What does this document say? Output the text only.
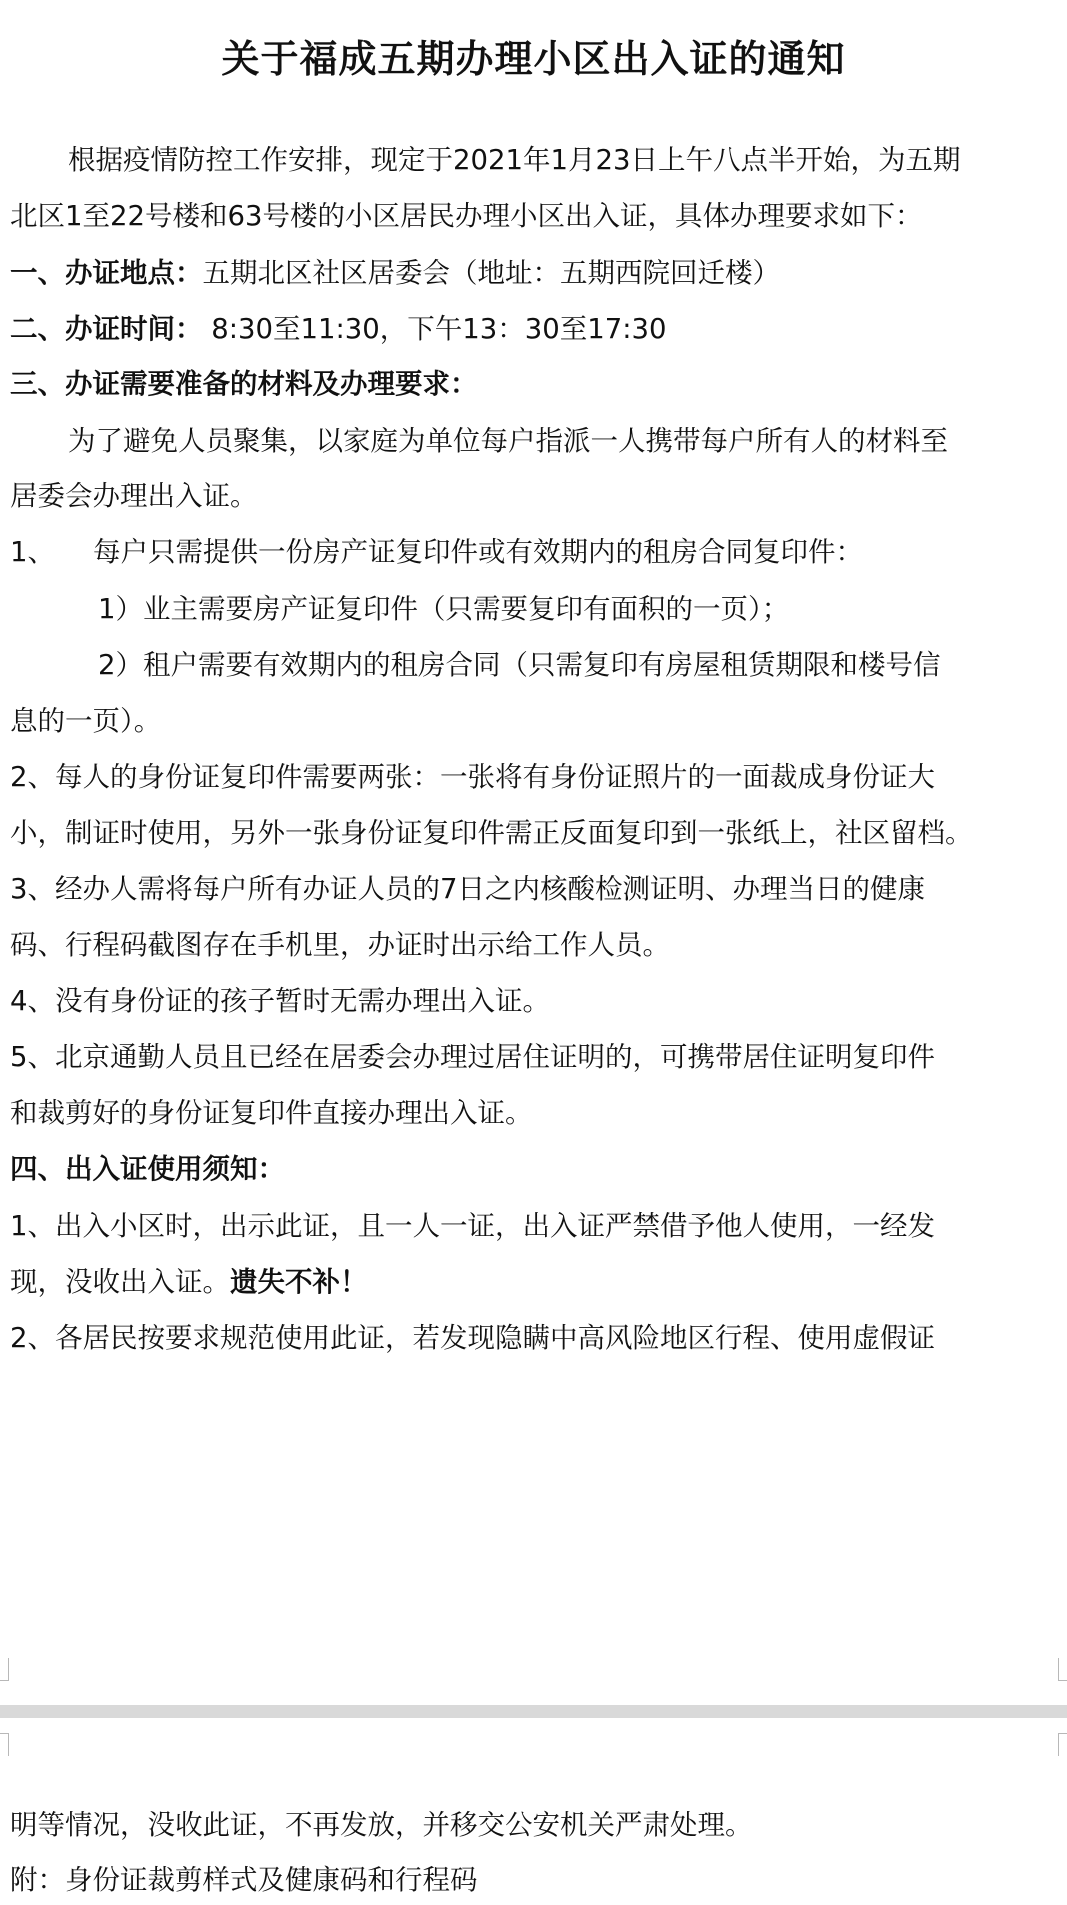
关于福成五期办理小区出入证的通知
根据疫情防控工作安排，现定于2021年1月23日上午八点半开始，为五期
北区1至22号楼和63号楼的小区居民办理小区出入证，具体办理要求如下：
一、办证地点：五期北区社区居委会（地址：五期西院回迁楼）
二、办证时间： 8:30至11:30，下午13：30至17:30
三、办证需要准备的材料及办理要求：
为了避免人员聚集，以家庭为单位每户指派一人携带每户所有人的材料至
居委会办理出入证。
1、 每户只需提供一份房产证复印件或有效期内的租房合同复印件：
1）业主需要房产证复印件（只需要复印有面积的一页）；
2）租户需要有效期内的租房合同（只需复印有房屋租赁期限和楼号信
息的一页）。
2、每人的身份证复印件需要两张：一张将有身份证照片的一面裁成身份证大
小，制证时使用，另外一张身份证复印件需正反面复印到一张纸上，社区留档。
3、经办人需将每户所有办证人员的7日之内核酸检测证明、办理当日的健康
码、行程码截图存在手机里，办证时出示给工作人员。
4、没有身份证的孩子暂时无需办理出入证。
5、北京通勤人员且已经在居委会办理过居住证明的，可携带居住证明复印件
和裁剪好的身份证复印件直接办理出入证。
四、出入证使用须知：
1、出入小区时，出示此证，且一人一证，出入证严禁借予他人使用，一经发
现，没收出入证。遗失不补！
2、各居民按要求规范使用此证，若发现隐瞒中高风险地区行程、使用虚假证
明等情况，没收此证，不再发放，并移交公安机关严肃处理。
附：身份证裁剪样式及健康码和行程码
